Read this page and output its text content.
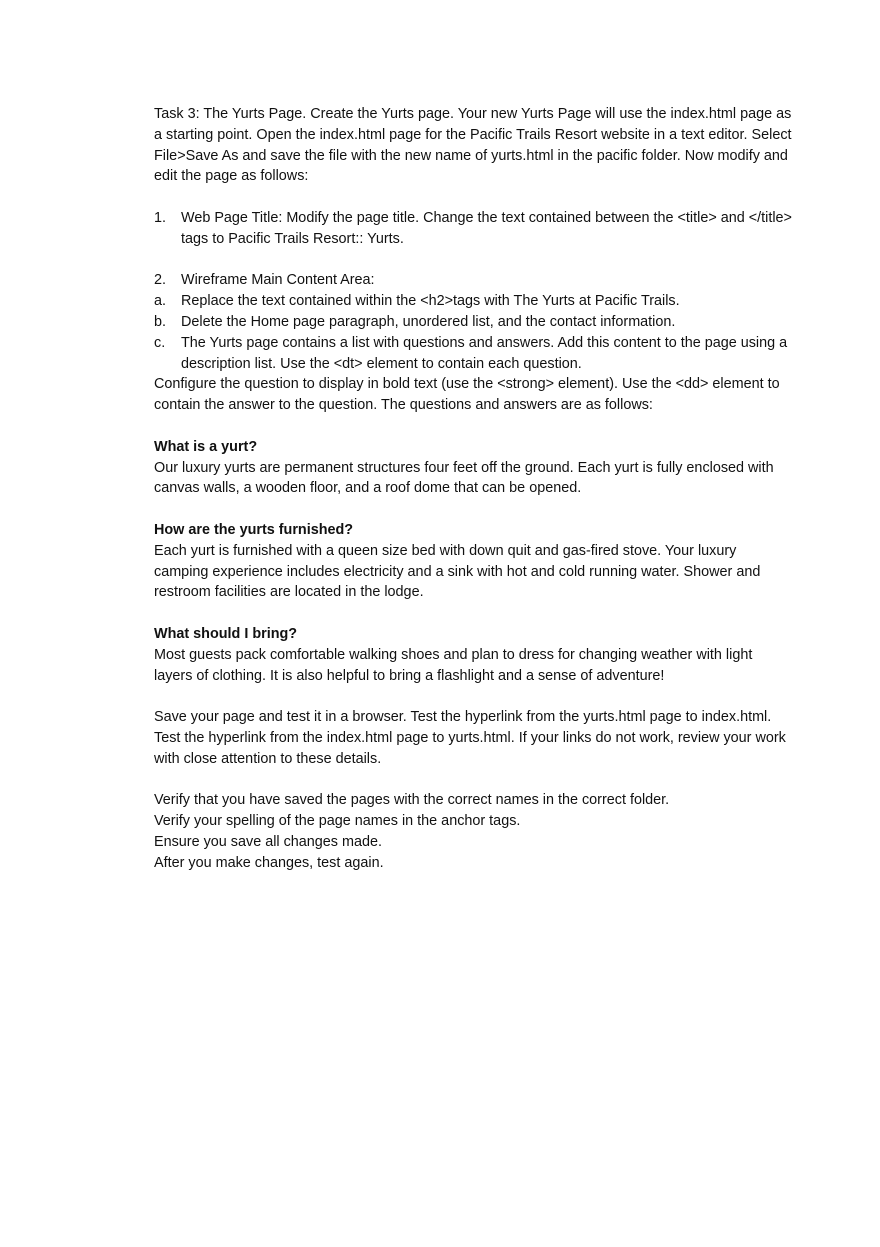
Task 3: The Yurts Page. Create the Yurts page. Your new Yurts Page will use the index.html page as a starting point. Open the index.html page for the Pacific Trails Resort website in a text editor. Select File>Save As and save the file with the new name of yurts.html in the pacific folder. Now modify and edit the page as follows:

1. Web Page Title: Modify the page title. Change the text contained between the <title> and </title> tags to Pacific Trails Resort:: Yurts.
2. Wireframe Main Content Area:
a. Replace the text contained within the <h2>tags with The Yurts at Pacific Trails.
b. Delete the Home page paragraph, unordered list, and the contact information.
c. The Yurts page contains a list with questions and answers. Add this content to the page using a description list. Use the <dt> element to contain each question.

Configure the question to display in bold text (use the <strong> element). Use the <dd> element to contain the answer to the question. The questions and answers are as follows:

What is a yurt?

Our luxury yurts are permanent structures four feet off the ground. Each yurt is fully enclosed with canvas walls, a wooden floor, and a roof dome that can be opened.

How are the yurts furnished?

Each yurt is furnished with a queen size bed with down quit and gas-fired stove. Your luxury camping experience includes electricity and a sink with hot and cold running water. Shower and restroom facilities are located in the lodge.

What should I bring?

Most guests pack comfortable walking shoes and plan to dress for changing weather with light layers of clothing. It is also helpful to bring a flashlight and a sense of adventure!

Save your page and test it in a browser. Test the hyperlink from the yurts.html page to index.html. Test the hyperlink from the index.html page to yurts.html. If your links do not work, review your work with close attention to these details.

Verify that you have saved the pages with the correct names in the correct folder.

Verify your spelling of the page names in the anchor tags.

Ensure you save all changes made.

After you make changes, test again.
